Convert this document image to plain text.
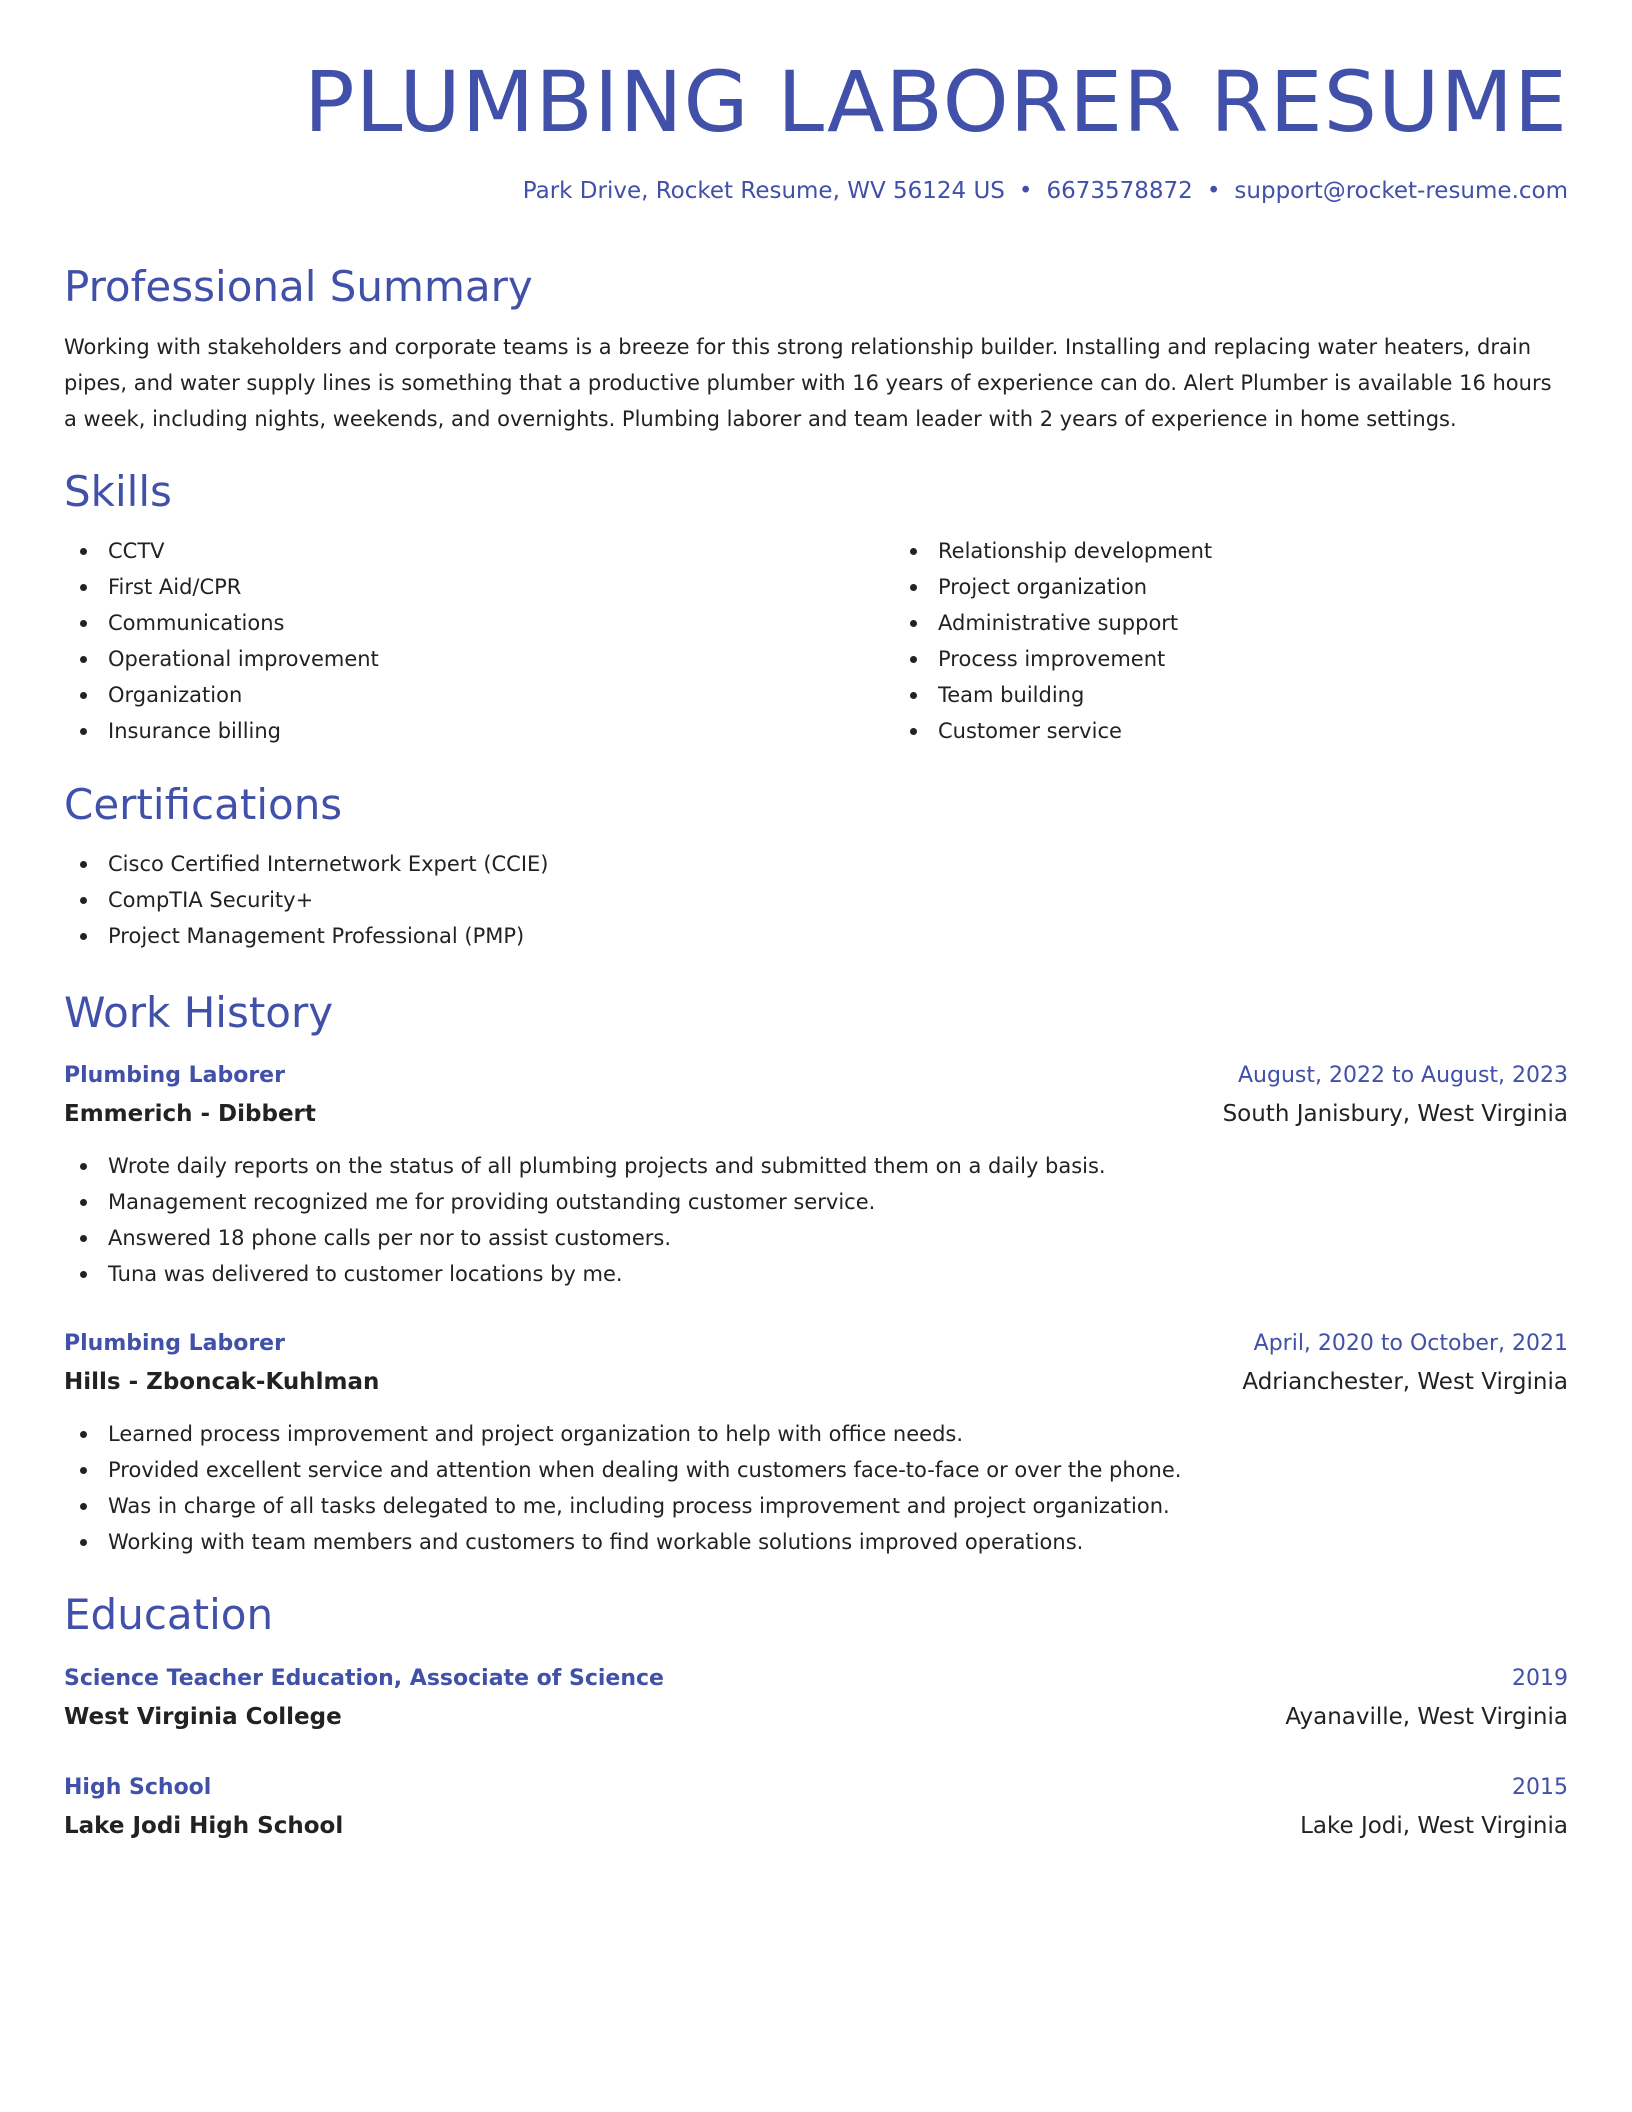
PLUMBING LABORER RESUME
Park Drive, Rocket Resume, WV 56124 US • 6673578872 • support@rocket-resume.com
Professional Summary

Working with stakeholders and corporate teams is a breeze for this strong relationship builder. Installing and replacing water heaters, drain pipes, and water supply lines is something that a productive plumber with 16 years of experience can do. Alert Plumber is available 16 hours a week, including nights, weekends, and overnights. Plumbing laborer and team leader with 2 years of experience in home settings.

Skills
CCTV
First Aid/CPR
Communications
Operational improvement
Organization
Insurance billing
Relationship development
Project organization
Administrative support
Process improvement
Team building
Customer service
Certifications
Cisco Certified Internetwork Expert (CCIE)
CompTIA Security+
Project Management Professional (PMP)
Work History
Plumbing Laborer	August, 2022 to August, 2023
Emmerich - Dibbert	South Janisbury, West Virginia
Wrote daily reports on the status of all plumbing projects and submitted them on a daily basis.
Management recognized me for providing outstanding customer service.
Answered 18 phone calls per nor to assist customers.
Tuna was delivered to customer locations by me.
Plumbing Laborer	April, 2020 to October, 2021
Hills - Zboncak-Kuhlman	Adrianchester, West Virginia
Learned process improvement and project organization to help with office needs.
Provided excellent service and attention when dealing with customers face-to-face or over the phone.
Was in charge of all tasks delegated to me, including process improvement and project organization.
Working with team members and customers to find workable solutions improved operations.
Education
Science Teacher Education, Associate of Science	2019
West Virginia College	Ayanaville, West Virginia
High School	2015
Lake Jodi High School	Lake Jodi, West Virginia
